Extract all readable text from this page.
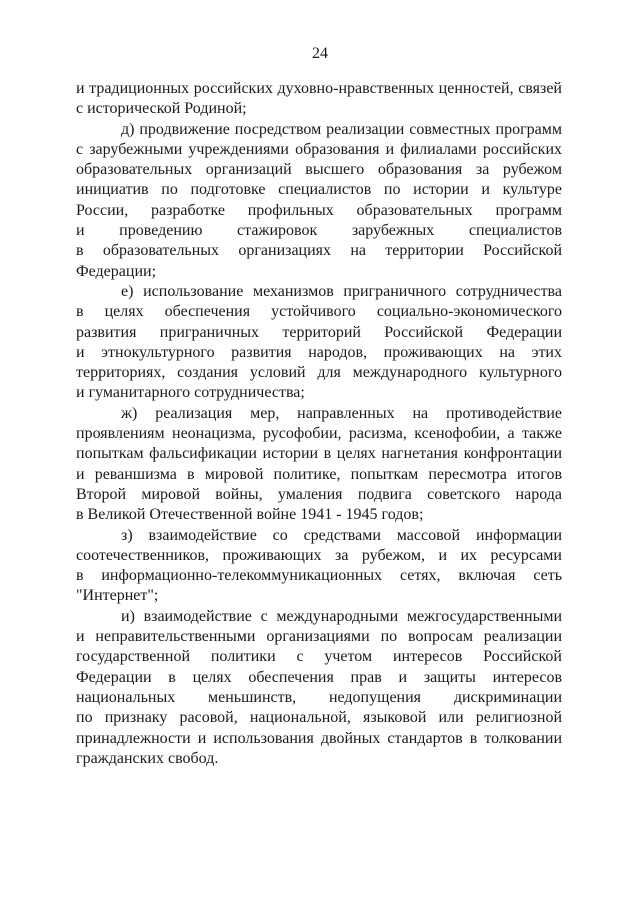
24
и традиционных российских духовно-нравственных ценностей, связей
с исторической Родиной;
д) продвижение посредством реализации совместных программ
с зарубежными учреждениями образования и филиалами российских
образовательных организаций высшего образования за рубежом
инициатив по подготовке специалистов по истории и культуре
России, разработке профильных образовательных программ
и проведению стажировок зарубежных специалистов
в образовательных организациях на территории Российской
Федерации;
е) использование механизмов приграничного сотрудничества
в целях обеспечения устойчивого социально-экономического
развития приграничных территорий Российской Федерации
и этнокультурного развития народов, проживающих на этих
территориях, создания условий для международного культурного
и гуманитарного сотрудничества;
ж) реализация мер, направленных на противодействие
проявлениям неонацизма, русофобии, расизма, ксенофобии, а также
попыткам фальсификации истории в целях нагнетания конфронтации
и реваншизма в мировой политике, попыткам пересмотра итогов
Второй мировой войны, умаления подвига советского народа
в Великой Отечественной войне 1941 - 1945 годов;
з) взаимодействие со средствами массовой информации
соотечественников, проживающих за рубежом, и их ресурсами
в информационно-телекоммуникационных сетях, включая сеть
"Интернет";
и) взаимодействие с международными межгосударственными
и неправительственными организациями по вопросам реализации
государственной политики с учетом интересов Российской
Федерации в целях обеспечения прав и защиты интересов
национальных меньшинств, недопущения дискриминации
по признаку расовой, национальной, языковой или религиозной
принадлежности и использования двойных стандартов в толковании
гражданских свобод.
